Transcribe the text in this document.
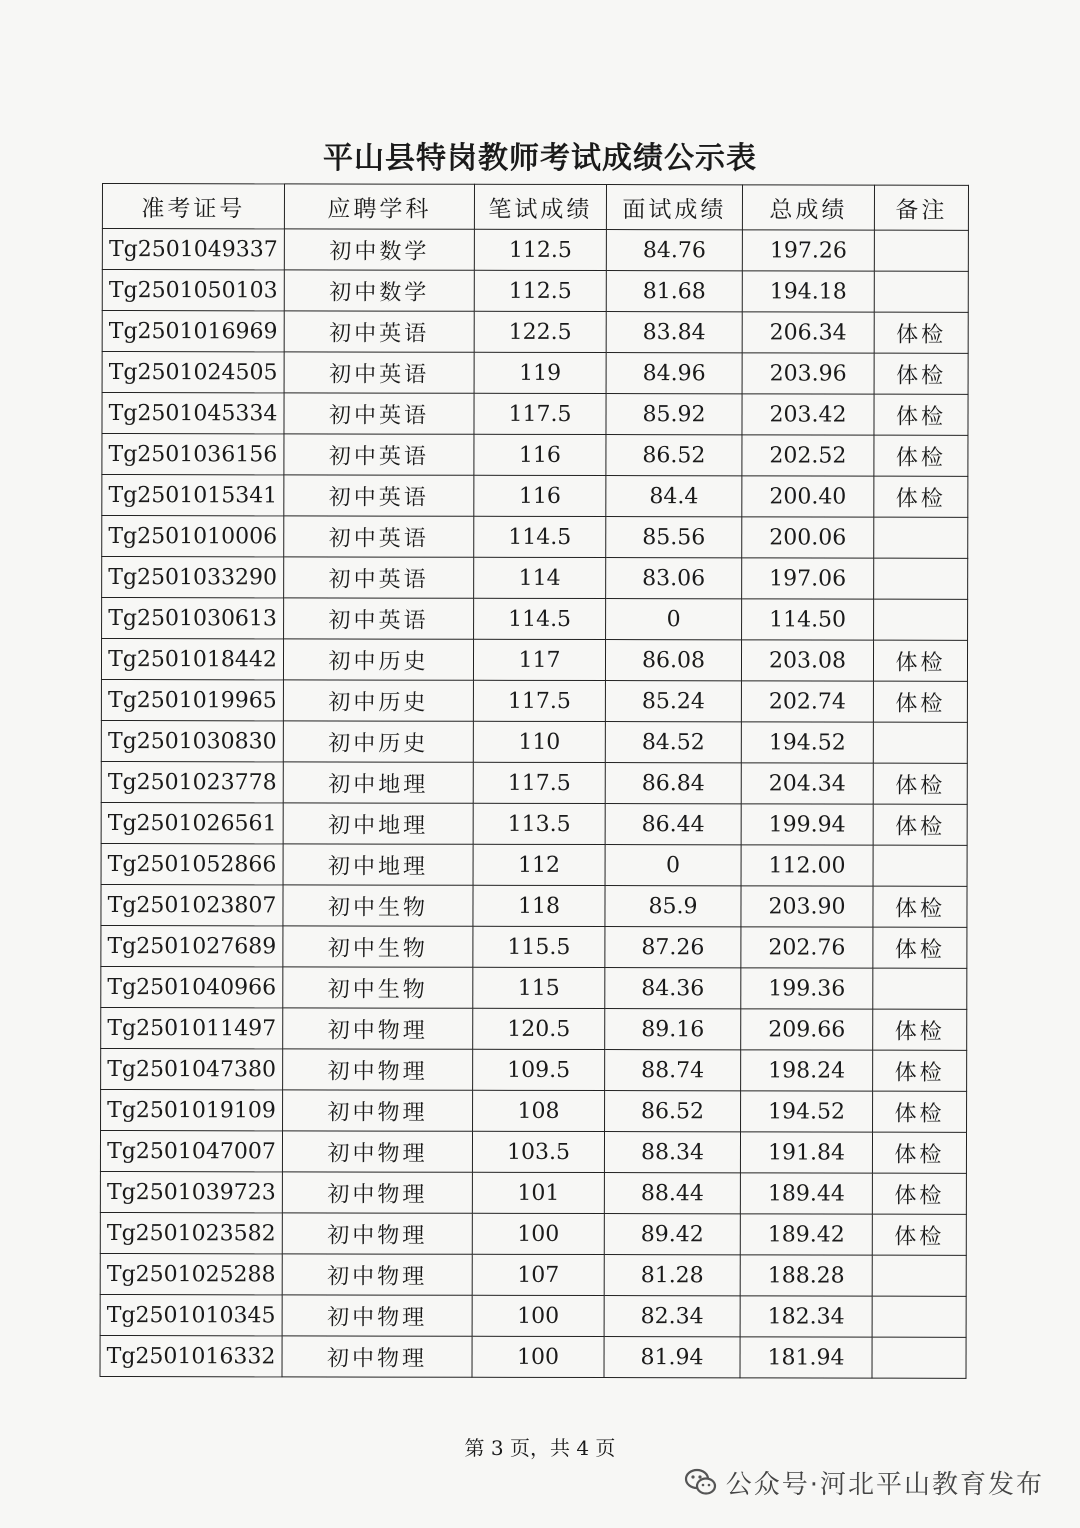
平山县特岗教师考试成绩公示表
准考证号	应聘学科	笔试成绩	面试成绩	总成绩	备注
Tg2501049337	初中数学	112.5	84.76	197.26	
Tg2501050103	初中数学	112.5	81.68	194.18	
Tg2501016969	初中英语	122.5	83.84	206.34	体检
Tg2501024505	初中英语	119	84.96	203.96	体检
Tg2501045334	初中英语	117.5	85.92	203.42	体检
Tg2501036156	初中英语	116	86.52	202.52	体检
Tg2501015341	初中英语	116	84.4	200.40	体检
Tg2501010006	初中英语	114.5	85.56	200.06	
Tg2501033290	初中英语	114	83.06	197.06	
Tg2501030613	初中英语	114.5	0	114.50	
Tg2501018442	初中历史	117	86.08	203.08	体检
Tg2501019965	初中历史	117.5	85.24	202.74	体检
Tg2501030830	初中历史	110	84.52	194.52	
Tg2501023778	初中地理	117.5	86.84	204.34	体检
Tg2501026561	初中地理	113.5	86.44	199.94	体检
Tg2501052866	初中地理	112	0	112.00	
Tg2501023807	初中生物	118	85.9	203.90	体检
Tg2501027689	初中生物	115.5	87.26	202.76	体检
Tg2501040966	初中生物	115	84.36	199.36	
Tg2501011497	初中物理	120.5	89.16	209.66	体检
Tg2501047380	初中物理	109.5	88.74	198.24	体检
Tg2501019109	初中物理	108	86.52	194.52	体检
Tg2501047007	初中物理	103.5	88.34	191.84	体检
Tg2501039723	初中物理	101	88.44	189.44	体检
Tg2501023582	初中物理	100	89.42	189.42	体检
Tg2501025288	初中物理	107	81.28	188.28	
Tg2501010345	初中物理	100	82.34	182.34	
Tg2501016332	初中物理	100	81.94	181.94	
第 3 页，共 4 页
公众号·河北平山教育发布
